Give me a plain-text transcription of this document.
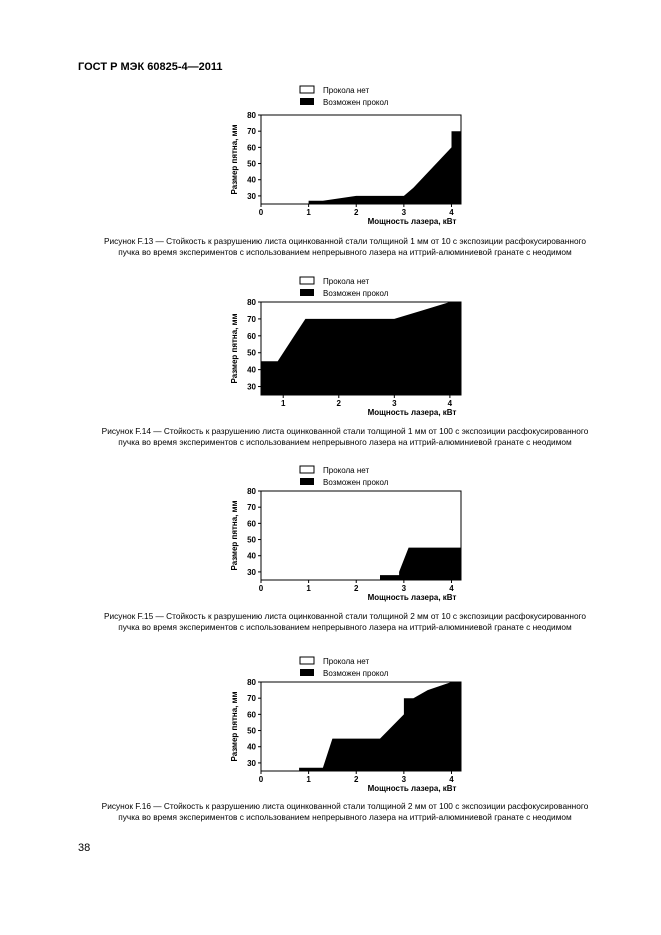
ГОСТ Р МЭК 60825-4—2011
Прокола нет
Возможен прокол
30
40
50
60
70
80
0	1	2	3	4
Мощность лазера, кВт
Размер пятна, мм
Рисунок F.13 — Стойкость к разрушению листа оцинкованной стали толщиной 1 мм от 10 с экспозиции расфокусированного пучка во время экспериментов с использованием непрерывного лазера на иттрий-алюминиевой гранате с неодимом
Прокола нет
Возможен прокол
30
40
50
60
70
80
1	2	3	4
Мощность лазера, кВт
Размер пятна, мм
Рисунок F.14 — Стойкость к разрушению листа оцинкованной стали толщиной 1 мм от 100 с экспозиции расфокусированного пучка во время экспериментов с использованием непрерывного лазера на иттрий-алюминиевой гранате с неодимом
Прокола нет
Возможен прокол
30
40
50
60
70
80
0	1	2	3	4
Мощность лазера, кВт
Размер пятна, мм
Рисунок F.15 — Стойкость к разрушению листа оцинкованной стали толщиной 2 мм от 10 с экспозиции расфокусированного пучка во время экспериментов с использованием непрерывного лазера на иттрий-алюминиевой гранате с неодимом
Прокола нет
Возможен прокол
30
40
50
60
70
80
0	1	2	3	4
Мощность лазера, кВт
Размер пятна, мм
Рисунок F.16 — Стойкость к разрушению листа оцинкованной стали толщиной 2 мм от 100 с экспозиции расфокусированного пучка во время экспериментов с использованием непрерывного лазера на иттрий-алюминиевой гранате с неодимом
38
